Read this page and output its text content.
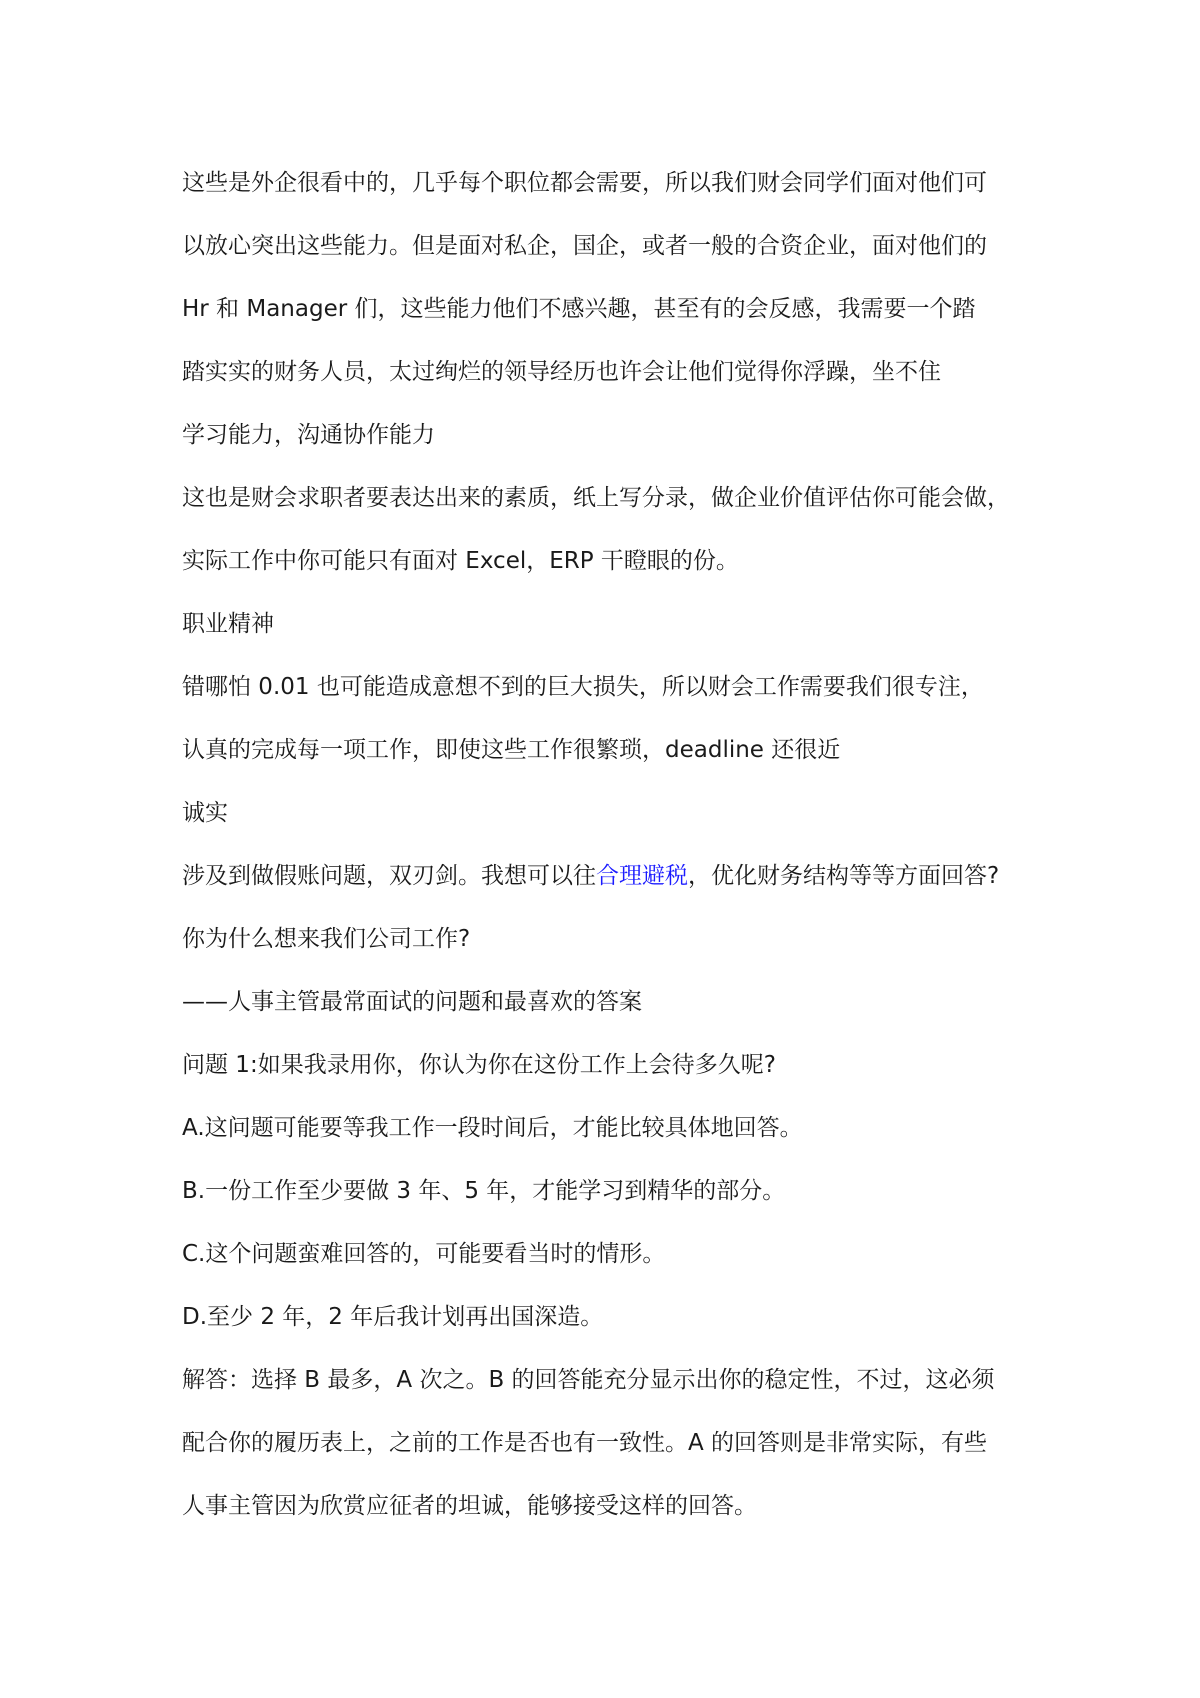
这些是外企很看中的，几乎每个职位都会需要，所以我们财会同学们面对他们可
以放心突出这些能力。但是面对私企，国企，或者一般的合资企业，面对他们的
Hr 和 Manager 们，这些能力他们不感兴趣，甚至有的会反感，我需要一个踏
踏实实的财务人员，太过绚烂的领导经历也许会让他们觉得你浮躁，坐不住
学习能力，沟通协作能力
这也是财会求职者要表达出来的素质，纸上写分录，做企业价值评估你可能会做，
实际工作中你可能只有面对 Excel，ERP 干瞪眼的份。
职业精神
错哪怕 0.01 也可能造成意想不到的巨大损失，所以财会工作需要我们很专注，
认真的完成每一项工作，即使这些工作很繁琐，deadline 还很近
诚实
涉及到做假账问题，双刃剑。我想可以往合理避税，优化财务结构等等方面回答?
你为什么想来我们公司工作?
——人事主管最常面试的问题和最喜欢的答案
问题 1:如果我录用你，你认为你在这份工作上会待多久呢?
A.这问题可能要等我工作一段时间后，才能比较具体地回答。
B.一份工作至少要做 3 年、5 年，才能学习到精华的部分。
C.这个问题蛮难回答的，可能要看当时的情形。
D.至少 2 年，2 年后我计划再出国深造。
解答：选择 B 最多，A 次之。B 的回答能充分显示出你的稳定性，不过，这必须
配合你的履历表上，之前的工作是否也有一致性。A 的回答则是非常实际，有些
人事主管因为欣赏应征者的坦诚，能够接受这样的回答。
